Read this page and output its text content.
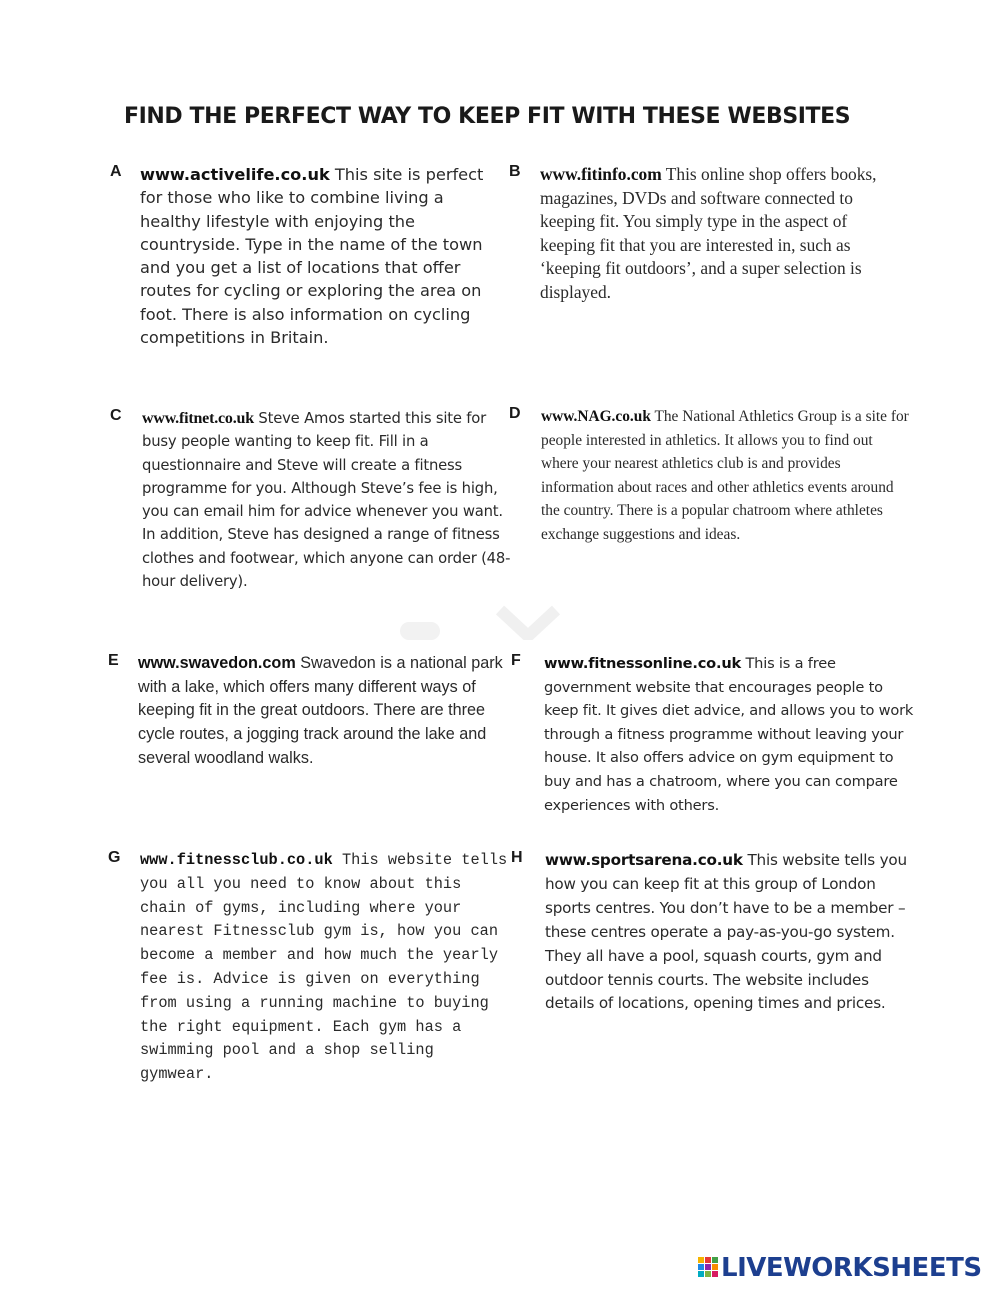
FIND THE PERFECT WAY TO KEEP FIT WITH THESE WEBSITES
A www.activelife.co.uk This site is perfect for those who like to combine living a healthy lifestyle with enjoying the countryside. Type in the name of the town and you get a list of locations that offer routes for cycling or exploring the area on foot. There is also information on cycling competitions in Britain.
B www.fitinfo.com This online shop offers books, magazines, DVDs and software connected to keeping fit. You simply type in the aspect of keeping fit that you are interested in, such as ‘keeping fit outdoors’, and a super selection is displayed.
C www.fitnet.co.uk Steve Amos started this site for busy people wanting to keep fit. Fill in a questionnaire and Steve will create a fitness programme for you. Although Steve’s fee is high, you can email him for advice whenever you want. In addition, Steve has designed a range of fitness clothes and footwear, which anyone can order (48-hour delivery).
D www.NAG.co.uk The National Athletics Group is a site for people interested in athletics. It allows you to find out where your nearest athletics club is and provides information about races and other athletics events around the country. There is a popular chatroom where athletes exchange suggestions and ideas.
E www.swavedon.com Swavedon is a national park with a lake, which offers many different ways of keeping fit in the great outdoors. There are three cycle routes, a jogging track around the lake and several woodland walks.
F www.fitnessonline.co.uk This is a free government website that encourages people to keep fit. It gives diet advice, and allows you to work through a fitness programme without leaving your house. It also offers advice on gym equipment to buy and has a chatroom, where you can compare experiences with others.
G www.fitnessclub.co.uk This website tells you all you need to know about this chain of gyms, including where your nearest Fitnessclub gym is, how you can become a member and how much the yearly fee is. Advice is given on everything from using a running machine to buying the right equipment. Each gym has a swimming pool and a shop selling gymwear.
H www.sportsarena.co.uk This website tells you how you can keep fit at this group of London sports centres. You don’t have to be a member – these centres operate a pay-as-you-go system. They all have a pool, squash courts, gym and outdoor tennis courts. The website includes details of locations, opening times and prices.
LIVEWORKSHEETS
